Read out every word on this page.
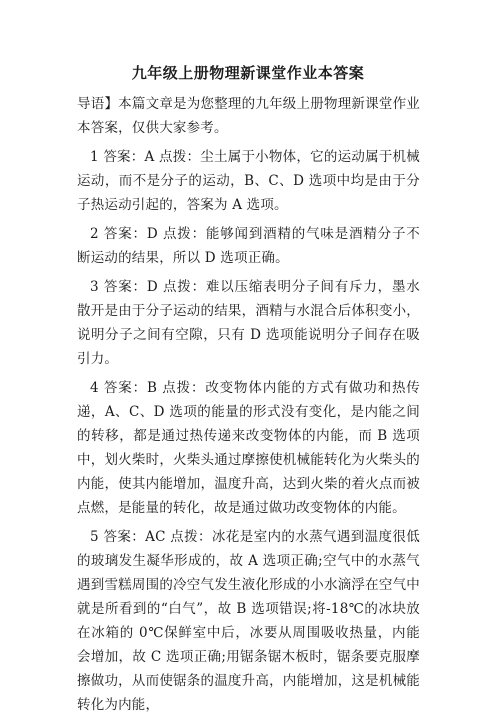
九年级上册物理新课堂作业本答案

导语】本篇文章是为您整理的九年级上册物理新课堂作业本答案，仅供大家参考。

1 答案：A 点拨：尘土属于小物体，它的运动属于机械运动，而不是分子的运动，B、C、D 选项中均是由于分子热运动引起的，答案为 A 选项。

2 答案：D 点拨：能够闻到酒精的气味是酒精分子不断运动的结果，所以 D 选项正确。

3 答案：D 点拨：难以压缩表明分子间有斥力，墨水散开是由于分子运动的结果，酒精与水混合后体积变小，说明分子之间有空隙，只有 D 选项能说明分子间存在吸引力。

4 答案：B 点拨：改变物体内能的方式有做功和热传递，A、C、D 选项的能量的形式没有变化，是内能之间的转移，都是通过热传递来改变物体的内能，而 B 选项中，划火柴时，火柴头通过摩擦使机械能转化为火柴头的内能，使其内能增加，温度升高，达到火柴的着火点而被点燃，是能量的转化，故是通过做功改变物体的内能。

5 答案：AC 点拨：冰花是室内的水蒸气遇到温度很低的玻璃发生凝华形成的，故 A 选项正确;空气中的水蒸气遇到雪糕周围的冷空气发生液化形成的小水滴浮在空气中就是所看到的“白气”，故 B 选项错误;将-18℃的冰块放在冰箱的 0℃保鲜室中后，冰要从周围吸收热量，内能会增加，故 C 选项正确;用锯条锯木板时，锯条要克服摩擦做功，从而使锯条的温度升高，内能增加，这是机械能转化为内能，
